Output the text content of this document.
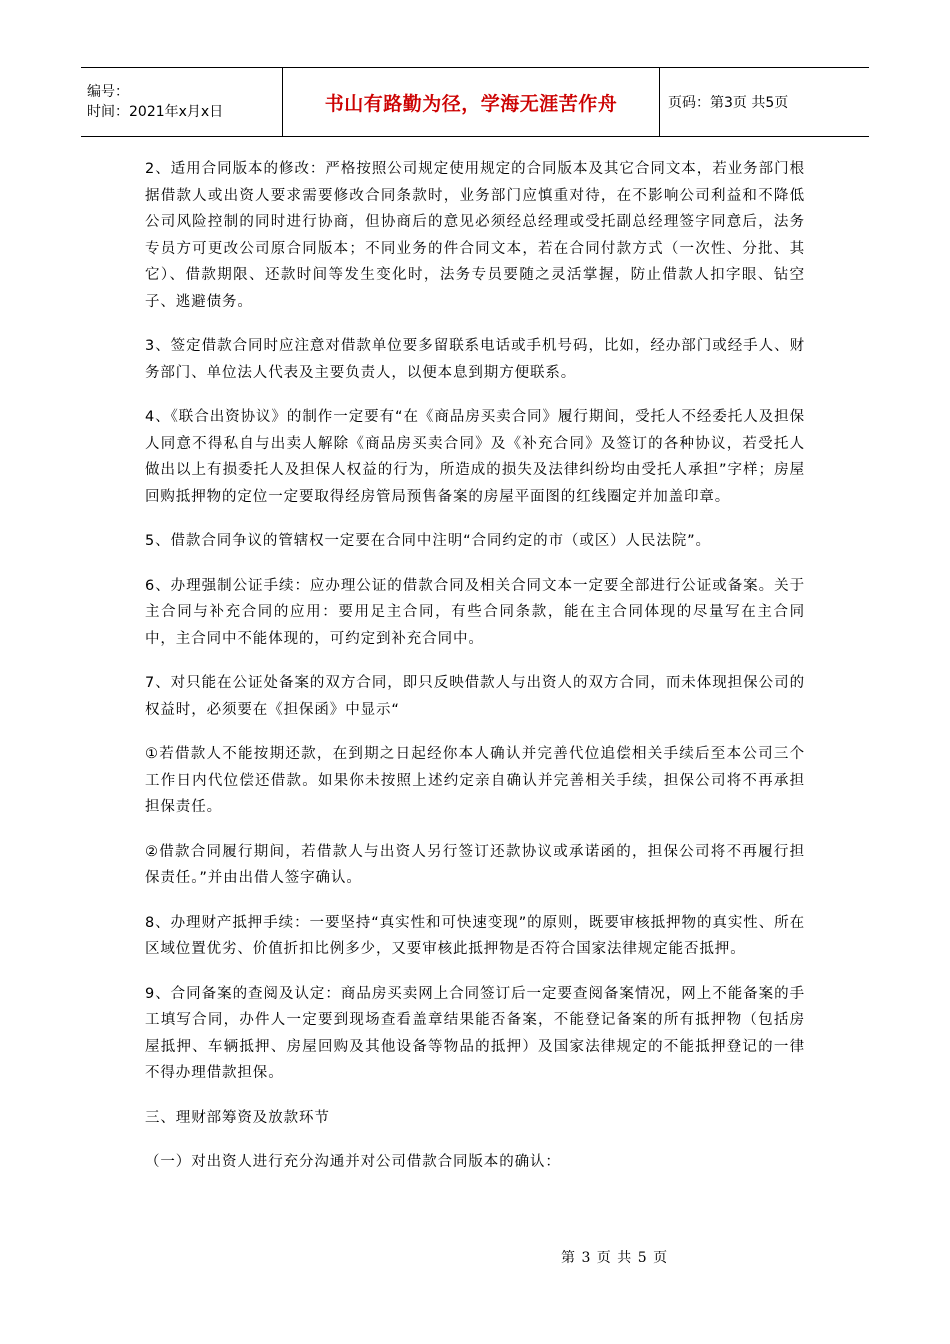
编号：
时间：2021年x月x日	书山有路勤为径，学海无涯苦作舟	页码：第3页 共5页

2、适用合同版本的修改：严格按照公司规定使用规定的合同版本及其它合同文本，若业务部门根据借款人或出资人要求需要修改合同条款时，业务部门应慎重对待，在不影响公司利益和不降低公司风险控制的同时进行协商，但协商后的意见必须经总经理或受托副总经理签字同意后，法务专员方可更改公司原合同版本；不同业务的件合同文本，若在合同付款方式（一次性、分批、其它）、借款期限、还款时间等发生变化时，法务专员要随之灵活掌握，防止借款人扣字眼、钻空子、逃避债务。

3、签定借款合同时应注意对借款单位要多留联系电话或手机号码，比如，经办部门或经手人、财务部门、单位法人代表及主要负责人，以便本息到期方便联系。

4、《联合出资协议》的制作一定要有“在《商品房买卖合同》履行期间，受托人不经委托人及担保人同意不得私自与出卖人解除《商品房买卖合同》及《补充合同》及签订的各种协议，若受托人做出以上有损委托人及担保人权益的行为，所造成的损失及法律纠纷均由受托人承担”字样；房屋回购抵押物的定位一定要取得经房管局预售备案的房屋平面图的红线圈定并加盖印章。

5、借款合同争议的管辖权一定要在合同中注明“合同约定的市（或区）人民法院”。

6、办理强制公证手续：应办理公证的借款合同及相关合同文本一定要全部进行公证或备案。关于主合同与补充合同的应用：要用足主合同，有些合同条款，能在主合同体现的尽量写在主合同中，主合同中不能体现的，可约定到补充合同中。

7、对只能在公证处备案的双方合同，即只反映借款人与出资人的双方合同，而未体现担保公司的权益时，必须要在《担保函》中显示“

①若借款人不能按期还款，在到期之日起经你本人确认并完善代位追偿相关手续后至本公司三个工作日内代位偿还借款。如果你未按照上述约定亲自确认并完善相关手续，担保公司将不再承担担保责任。

②借款合同履行期间，若借款人与出资人另行签订还款协议或承诺函的，担保公司将不再履行担保责任。”并由出借人签字确认。

8、办理财产抵押手续：一要坚持“真实性和可快速变现”的原则，既要审核抵押物的真实性、所在区域位置优劣、价值折扣比例多少，又要审核此抵押物是否符合国家法律规定能否抵押。

9、合同备案的查阅及认定：商品房买卖网上合同签订后一定要查阅备案情况，网上不能备案的手工填写合同，办件人一定要到现场查看盖章结果能否备案，不能登记备案的所有抵押物（包括房屋抵押、车辆抵押、房屋回购及其他设备等物品的抵押）及国家法律规定的不能抵押登记的一律不得办理借款担保。

三、理财部筹资及放款环节

（一）对出资人进行充分沟通并对公司借款合同版本的确认：

第 3 页 共 5 页
